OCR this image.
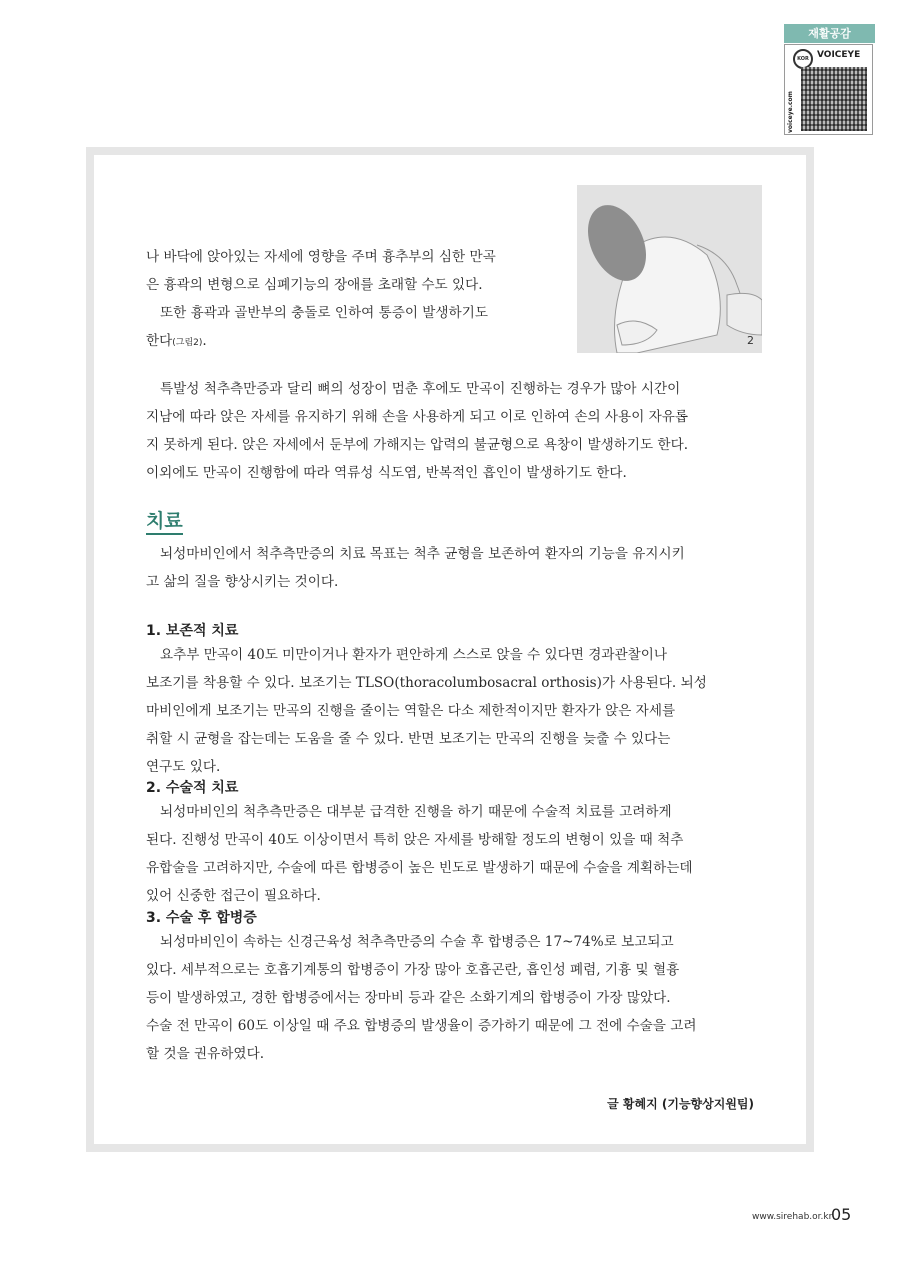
재활공감
KOR VOICEYE
voiceye.com
2

나 바닥에 앉아있는 자세에 영향을 주며 흉추부의 심한 만곡

은 흉곽의 변형으로 심폐기능의 장애를 초래할 수도 있다.

또한 흉곽과 골반부의 충돌로 인하여 통증이 발생하기도

한다(그림2).

특발성 척추측만증과 달리 뼈의 성장이 멈춘 후에도 만곡이 진행하는 경우가 많아 시간이

지남에 따라 앉은 자세를 유지하기 위해 손을 사용하게 되고 이로 인하여 손의 사용이 자유롭

지 못하게 된다. 앉은 자세에서 둔부에 가해지는 압력의 불균형으로 욕창이 발생하기도 한다.

이외에도 만곡이 진행함에 따라 역류성 식도염, 반복적인 흡인이 발생하기도 한다.

치료

뇌성마비인에서 척추측만증의 치료 목표는 척추 균형을 보존하여 환자의 기능을 유지시키

고 삶의 질을 향상시키는 것이다.

1. 보존적 치료

요추부 만곡이 40도 미만이거나 환자가 편안하게 스스로 앉을 수 있다면 경과관찰이나

보조기를 착용할 수 있다. 보조기는 TLSO(thoracolumbosacral orthosis)가 사용된다. 뇌성

마비인에게 보조기는 만곡의 진행을 줄이는 역할은 다소 제한적이지만 환자가 앉은 자세를

취할 시 균형을 잡는데는 도움을 줄 수 있다. 반면 보조기는 만곡의 진행을 늦출 수 있다는

연구도 있다.

2. 수술적 치료

뇌성마비인의 척추측만증은 대부분 급격한 진행을 하기 때문에 수술적 치료를 고려하게

된다. 진행성 만곡이 40도 이상이면서 특히 앉은 자세를 방해할 정도의 변형이 있을 때 척추

유합술을 고려하지만, 수술에 따른 합병증이 높은 빈도로 발생하기 때문에 수술을 계획하는데

있어 신중한 접근이 필요하다.

3. 수술 후 합병증

뇌성마비인이 속하는 신경근육성 척추측만증의 수술 후 합병증은 17~74%로 보고되고

있다. 세부적으로는 호흡기계통의 합병증이 가장 많아 호흡곤란, 흡인성 폐렴, 기흉 및 혈흉

등이 발생하였고, 경한 합병증에서는 장마비 등과 같은 소화기계의 합병증이 가장 많았다.

수술 전 만곡이 60도 이상일 때 주요 합병증의 발생율이 증가하기 때문에 그 전에 수술을 고려

할 것을 권유하였다.

글 황혜지 (기능향상지원팀)
www.sirehab.or.kr
05
